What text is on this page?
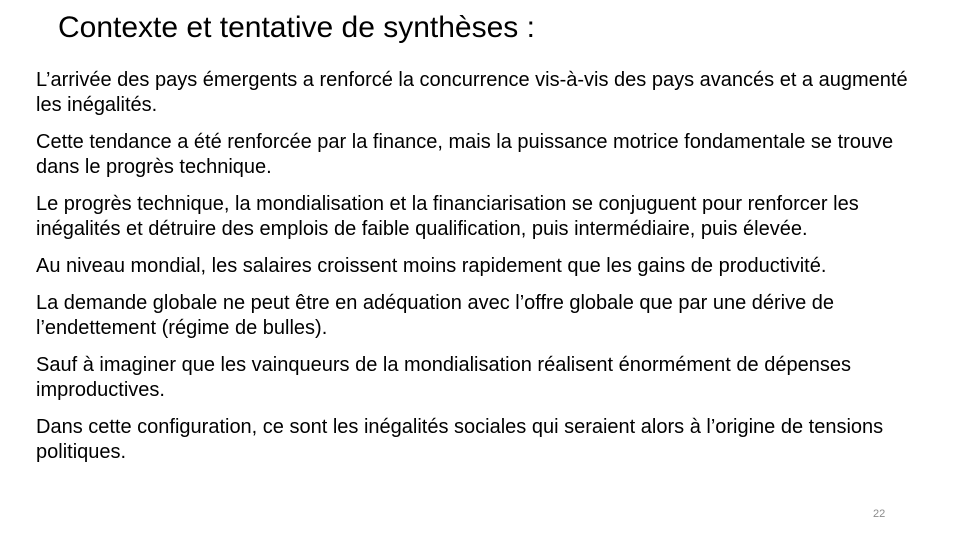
Contexte et tentative de synthèses :
L’arrivée des pays émergents a renforcé la concurrence vis-à-vis des pays avancés et a augmenté les inégalités.
Cette tendance a été renforcée par la finance, mais la puissance motrice fondamentale se trouve dans le progrès technique.
Le progrès technique, la mondialisation et la financiarisation se conjuguent pour renforcer les inégalités et détruire des emplois de faible qualification, puis intermédiaire, puis élevée.
Au niveau mondial, les salaires croissent moins rapidement que les gains de productivité.
La demande globale ne peut être en adéquation avec l’offre globale que par une dérive de l’endettement (régime de bulles).
Sauf à imaginer que les vainqueurs de la mondialisation réalisent énormément de dépenses improductives.
Dans cette configuration, ce sont les inégalités sociales qui seraient alors à l’origine de tensions politiques.
22
